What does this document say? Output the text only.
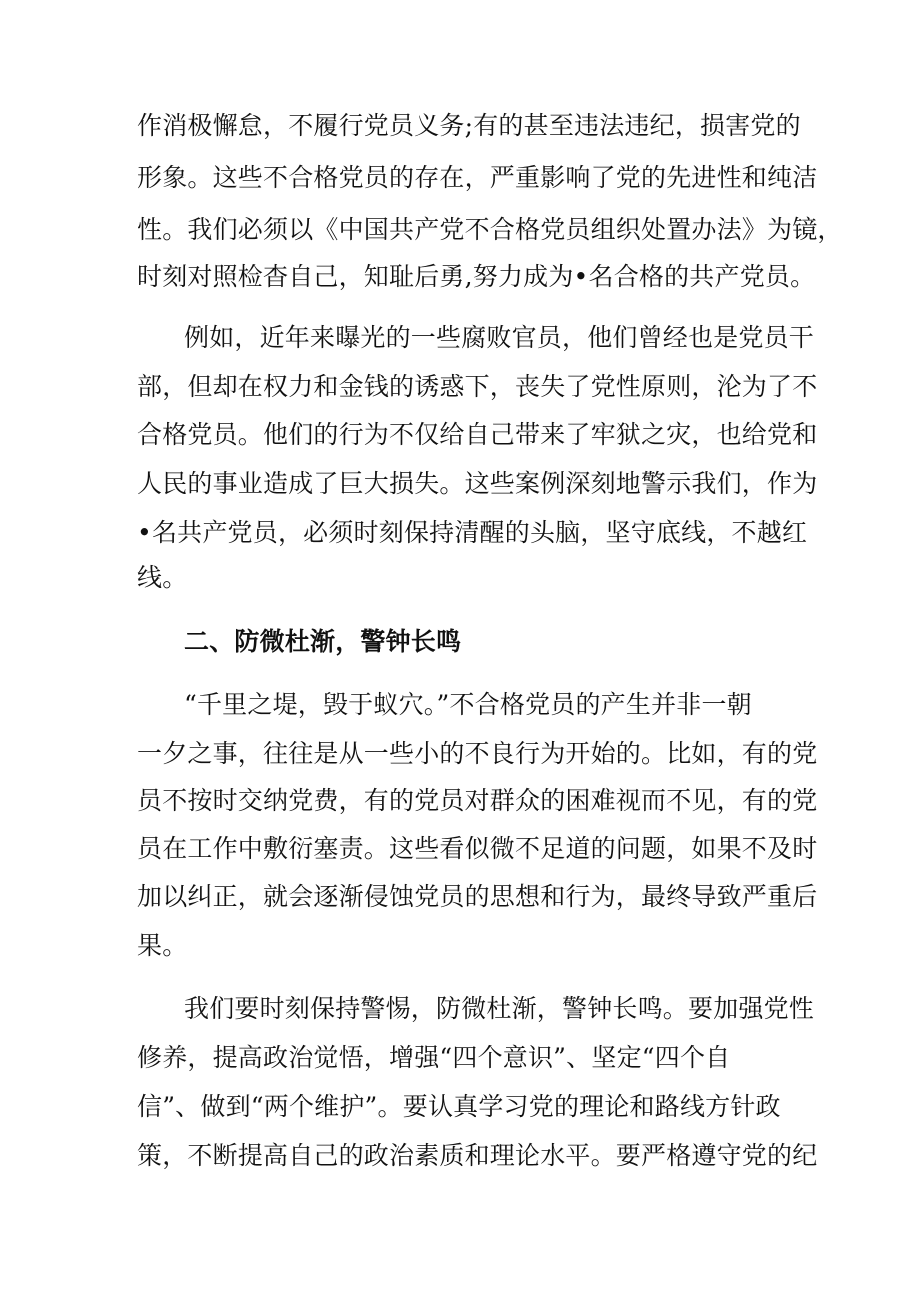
作消极懈怠，不履行党员义务;有的甚至违法违纪，损害党的
形象。这些不合格党员的存在，严重影响了党的先进性和纯洁
性。我们必须以《中国共产党不合格党员组织处置办法》为镜，
时刻对照检杳自己，知耻后勇,努力成为•名合格的共产党员。
例如，近年来曝光的一些腐败官员，他们曾经也是党员干
部，但却在权力和金钱的诱惑下，丧失了党性原则，沦为了不
合格党员。他们的行为不仅给自己带来了牢狱之灾，也给党和
人民的事业造成了巨大损失。这些案例深刻地警示我们，作为
•名共产党员，必须时刻保持清醒的头脑，坚守底线，不越红
线。
二、防微杜渐，警钟长鸣
“千里之堤，毁于蚁穴。”不合格党员的产生并非一朝
一夕之事，往往是从一些小的不良行为开始的。比如，有的党
员不按时交纳党费，有的党员对群众的困难视而不见，有的党
员在工作中敷衍塞责。这些看似微不足道的问题，如果不及时
加以纠正，就会逐渐侵蚀党员的思想和行为，最终导致严重后
果。
我们要时刻保持警惕，防微杜渐，警钟长鸣。要加强党性
修养，提高政治觉悟，增强“四个意识”、坚定“四个自
信”、做到“两个维护”。要认真学习党的理论和路线方针政
策，不断提高自己的政治素质和理论水平。要严格遵守党的纪
